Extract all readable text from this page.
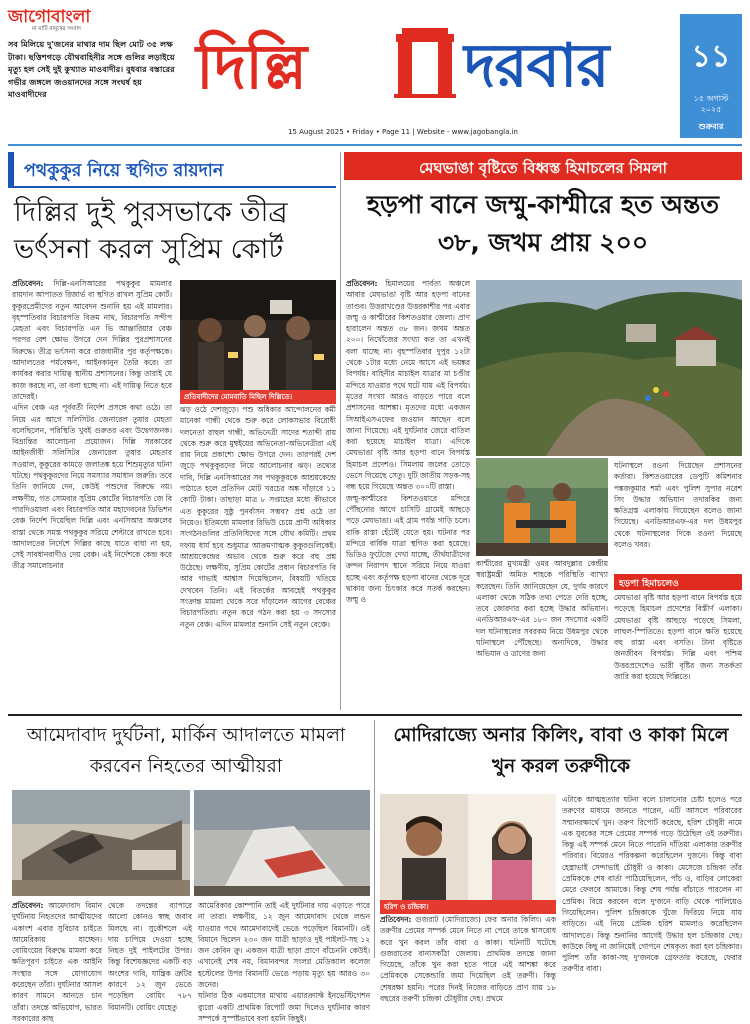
জাগোবাংলা
মা মাটি মানুষের সংবাদ
সব মিলিয়ে দু'জনের মাথার দাম ছিল মোট ৩৫ লক্ষ টাকা। ছত্তিশগড়ে যৌথবাহিনীর সঙ্গে গুলির লড়াইয়ে মৃত্যু হল সেই দুই কুখ্যাত মাওবাদীর। বুধবার বস্তারের গভীর জঙ্গলে জওয়ানদের সঙ্গে সংঘর্ষ হয় মাওবাদীদের	দিল্লি	দরবার
15 August 2025 • Friday • Page 11 | Website - www.jagobangla.in
১১
১৫ অগাস্ট ২০২৫
শুক্রবার
পথকুকুর নিয়ে স্থগিত রায়দান
দিল্লির দুই পুরসভাকে তীব্র ভর্ৎসনা করল সুপ্রিম কোর্ট
প্রতিবেদন: দিল্লি-এনসিআরের পথকুকুর মামলার রায়দান আপাতত রিজার্ভ বা স্থগিত রাখল সুপ্রিম কোর্ট। কুকুরপ্রেমীদের নতুন আবেদন শুনানি হয় এই মামলার। বৃহস্পতিবার বিচারপতি বিক্রম নাথ, বিচারপতি সন্দীপ মেহতা এবং বিচারপতি এন ভি আঞ্জারিয়ার বেঞ্চ পরপর বেশ ক্ষোভ উগরে দেন দিল্লির পুরপ্রশাসনের বিরুদ্ধে। তীব্র ভর্ৎসনা করে রাজধানীর পুর কর্তৃপক্ষকে। আদালতের পর্যবেক্ষণ, আইনকানুন তৈরি করে। তা কার্যকর করার দায়িত্ব স্থানীয় প্রশাসনের। কিন্তু তারাই যে কাজ করছে না, তা বলা হচ্ছে না। এই দায়িত্ব নিতে হবে তাদেরই।
এদিন বেঞ্চ এর পূর্ববর্তী নির্দেশ প্রসঙ্গে কথা ওঠে। তা নিয়ে এর আগে সলিসিটর জেনারেল তুষার মেহতা বলেছিলেন, পরিস্থিতি খুবই গুরুতর এবং উদ্বেগজনক। বিভ্রান্তির আলোচনা প্রয়োজন। দিল্লি সরকারের আইনজীবী সলিসিটর জেনারেল তুষার মেহতার সওয়াল, কুকুরের কামড়ে জলাতঙ্ক হয়ে শিশুমৃত্যুর ঘটনা ঘটছে। পথকুকুরদের নিয়ে সমস্যার সমাধান জরুরি। তবে তিনি জানিয়ে দেন, কেউই পশুদের বিরুদ্ধে নয়। লক্ষণীয়, গত সোমবার সুপ্রিম কোর্টের বিচারপতি জে বি পারদিওয়ালা এবং বিচারপতি আর মহাদেবনের ডিভিশন বেঞ্চ নির্দেশ দিয়েছিল দিল্লি এবং এনসিআর অঞ্চলের রাস্তা থেকে সমস্ত পথকুকুর সরিয়ে শেল্টারে রাখতে হবে। আদালতের নির্দেশে দিল্লির কাছে যাতে বাধা না হয়, সেই সাবধানবাণীও দেয় বেঞ্চ। এই নির্দেশকে কেন্দ্র করে তীব্র সমালোচনার
প্রতিবাদীদের মোমবাতি মিছিল দিল্লিতে।
ঝড় ওঠে দেশজুড়ে। পশু অধিকার আন্দোলনের কর্মী মানেকা গান্ধী থেকে শুরু করে লোকসভার বিরোধী দলনেতা রাহুল গান্ধী, অভিনেত্রী সাদের শতাব্দী রায় থেকে শুরু করে মুম্বইয়ের অভিনেতা-অভিনেত্রীরা এই রায় নিয়ে প্রকাশ্যে ক্ষোভ উগরে দেন। তারপরই দেশ জুড়ে পথকুকুরদের নিয়ে আলোচনার ঝড়। তথ্যের দাবি, দিল্লি এনসিআরের সব পথকুকুরকে আশ্রয়কেন্দ্রে পাঠাতে হলে প্রতিদিন মোট খরচের অঙ্ক দাঁড়াবে ১১ কোটি টাকা। তাছাড়া মাত্র ৮ সপ্তাহের মধ্যে কীভাবে এত কুকুরের সুষ্ঠু পুনর্বাসন সম্ভব? প্রশ্ন ওঠে তা নিয়েও। ইতিমধ্যে মামলার রিভিউ চেয়ে প্রাণী অধিকার সংগঠনগুলির প্রতিনিধিদের সঙ্গে যৌথ কমিটি। প্রথম দফায় ধার্য হবে শুধুমাত্র আক্রমণাত্মক কুকুরগুলিকেই। আশ্রয়কেন্দ্রের অভাব থেকে শুরু করে বহু প্রশ্ন উঠেছে। লক্ষণীয়, সুপ্রিম কোর্টের প্রধান বিচারপতি বি আর গাভাই আশ্বাস দিয়েছিলেন, বিষয়টি খতিয়ে দেখবেন তিনি। এই বিতর্কের আবহেই পথকুকুর সংক্রান্ত মামলা থেকে সরে দাঁড়ালেন আগের বেঞ্চের বিচারপতিরা। নতুন করে গঠন করা হয় ৩ সদস্যের নতুন বেঞ্চ। এদিন মামলার শুনানি সেই নতুন বেঞ্চে।
মেঘভাঙা বৃষ্টিতে বিধ্বস্ত হিমাচলের সিমলা
হড়পা বানে জম্মু-কাশ্মীরে হত অন্তত ৩৮, জখম প্রায় ২০০
প্রতিবেদন: হিমালয়ের পার্বত্য অঞ্চলে আবার মেঘভাঙা বৃষ্টি আর হড়পা বানের তাণ্ডব। উত্তরাখণ্ডের উত্তরকাশীর পর এবার জম্মু ও কাশ্মীরের কিশতওয়ার জেলা। প্রাণ হারালেন অন্তত ৩৮ জন। জখম অন্তত ২০০। নিখোঁজের সংখ্যা কত তা এখনই বলা যাচ্ছে না। বৃহস্পতিবার দুপুর ১২টা থেকে ১টার মধ্যে নেমে আসে এই ভয়ঙ্কর বিপর্যয়। বাহিনীর মাচাইল যাত্রার মা চণ্ডীর মন্দিরে যাওয়ার পথে ঘটে যায় এই বিপর্যয়। মৃতের সংখ্যা আরও বাড়তে পারে বলে প্রশাসনের আশঙ্কা। মৃতদের মধ্যে একজন সিআইএসএফের জওয়ান আছেন বলে জানা গিয়েছে। এই দুর্ঘটনার জেরে বাতিল করা হয়েছে মাচাইল যাত্রা। এদিকে মেঘভাঙা বৃষ্টি আর হড়পা বানে বিপর্যস্ত হিমাচল প্রদেশও। সিমলায় জলের তোড়ে ভেসে গিয়েছে সেতু। দুটি জাতীয় সড়ক-সহ বন্ধ হয়ে গিয়েছে অন্তত ৩০০টি রাস্তা।
জম্মু-কাশ্মীরের কিশতওয়ারে মন্দিরে পৌঁছনোর আগে চাসিটি গ্রামেই আছড়ে পড়ে মেঘভাঙা। এই গ্রাম পর্যন্ত গাড়ি চলে। বাকি রাস্তা হেঁটেই যেতে হয়। ঘটনার পর মন্দিরে বার্ষিক যাত্রা স্থগিত করা হয়েছে। ভিডিও ফুটেজে দেখা যাচ্ছে, তীর্থযাত্রীদের ক্রন্দন নিরাপদ স্থানে সরিয়ে নিয়ে যাওয়া হচ্ছে এবং কর্তৃপক্ষ হড়পা বানের থেকে দূরে থাকার জন্য চিৎকার করে সতর্ক করছেন। জম্মু ও
কাশ্মীরের মুখ্যমন্ত্রী ওমর আবদুল্লার কেন্দ্রীয় স্বরাষ্ট্রমন্ত্রী অমিত শাহকে পরিস্থিতি ব্যাখ্যা করেছেন। তিনি জানিয়েছেন যে, দুর্গম কারণে এলাকা থেকে সঠিক তথ্য পেতে দেরি হচ্ছে, তবে জোরদার করা হচ্ছে উদ্ধার অভিযান। এনডিআরএফ-এর ১৮০ জন সদস্যের একটি দল ঘটনাস্থলের সবরকম নিয়ে উধমপুর থেকে ঘটনাস্থলে পৌঁছেছে। অন্যদিকে, উদ্ধার অভিযান ও ত্রাণের জন্য
ঘটনাস্থলে রওনা দিয়েছেন প্রশাসনের কর্তারা। কিশতওয়ারের ডেপুটি কমিশনার পঙ্কজকুমার শর্মা এবং পুলিশ সুপার নরেশ সিং উদ্ধার অভিযান তদারকির জন্য ক্ষতিগ্রস্ত এলাকায় গিয়েছেন বলেও জানা গিয়েছে। এনডিআরএফ-এর দল উধমপুর থেকে ঘটনাস্থলের দিকে রওনা দিয়েছে বলেও খবর।
হড়পা হিমাচলেও
মেঘভাঙা বৃষ্টি আর হড়পা বানে বিপর্যস্ত হয়ে পড়েছে হিমাচল প্রদেশের বিস্তীর্ণ এলাকা। মেঘভাঙা বৃষ্টি আছড়ে পড়েছে সিমলা, লাহুল-স্পিতিতে। হড়পা বানে ক্ষতি হয়েছে বহু রাস্তা এবং বসতি। টানা বৃষ্টিতে জনজীবন বিপর্যস্ত। দিল্লি এবং পশ্চিম উত্তরপ্রদেশেও ভারী বৃষ্টির জন্য সতর্কতা জারি করা হয়েছে দিল্লিতে।
আমেদাবাদ দুর্ঘটনা, মার্কিন আদালতে মামলা করবেন নিহতের আত্মীয়রা
প্রতিবেদন: আমেদাবাদ বিমান দুর্ঘটনায় নিহতদের আত্মীয়দের একাংশ এবার সুবিচার চাইতে আমেরিকায় যাচ্ছেন। বোয়িংয়ের বিরুদ্ধে মামলা করে ক্ষতিপূরণ চাইতে এক আইনি সংস্থার সঙ্গে যোগাযোগ করেছেন তাঁরা। দুর্ঘটনার আসল কারণ সামনে আনতে চান তাঁরা। তদন্তে অভিযোগ, ভারত সরকারের কাছ
থেকে তদন্তের ব্যাপারে আলো কোনও স্বচ্ছ জবাব মিলছে না। সুকৌশলে এই দায় চাপিয়ে দেওয়া হচ্ছে নিহত দুই পাইলটের উপর। কিন্তু বিশেষজ্ঞদের একটি বড় অংশের দাবি, যান্ত্রিক ত্রুটির কারণে ১২ জুন ভেঙে পড়েছিল বোয়িং ৭৮৭ বিমানটি। বোয়িং যেহেতু
আমেরিকার কোম্পানি তাই এই দুর্ঘটনার দায় এড়াতে পারে না তারা। লক্ষণীয়, ১২ জুন আমেদাবাদ থেকে লন্ডন যাওয়ার পথে আমেদাবাদেই ভেঙে পড়েছিল বিমানটি। ওই বিমানে ছিলেন ২৩০ জন যাত্রী ছাড়াও দুই পাইলট-সহ ১২ জন কেবিন ক্রু। একজন যাত্রী ছাড়া প্রাণে বাঁচেননি কেউই। এখানেই শেষ নয়, বিমানবন্দর সংলগ্ন মেডিক্যাল কলেজ হস্টেলের উপর বিমানটি ভেঙে পড়ায় মৃত্যু হয় আরও ৩০ জনের।
ঘটনার ঠিক একমাসের মাথায় এয়ারক্র্যাফ্ট ইনভেস্টিগেশন ব্যুরো একটি প্রাথমিক রিপোর্ট জমা দিলেও দুর্ঘটনার কারণ সম্পর্কে সুস্পষ্টভাবে বলা হয়নি কিছুই।
মোদিরাজ্যে অনার কিলিং, বাবা ও কাকা মিলে খুন করল তরুণীকে
হরিশ ও চন্দ্রিকা।
প্রতিবেদন: গুজরাট (মোদিরাজ্যে) ফের অনার কিলিং। এক তরুণীর প্রেমের সম্পর্ক মেনে নিতে না পেরে তাকে শ্বাসরোধ করে খুন করল তাঁর বাবা ও কাকা। ঘটনাটি ঘটেছে গুজরাতের বানাসকাঁঠা জেলায়। প্রাথমিক তদন্তে জানা গিয়েছে, তাঁকে খুন করা হতে পারে এই আশঙ্কা করে প্রেমিককে সেকেন্ডারি জমা দিয়েছিল ওই তরুণী। কিন্তু শেষরক্ষা হয়নি। পরের দিনই নিজের বাড়িতে প্রাণ যায় ১৮ বছরের তরুণী চন্দ্রিকা চৌধুরীর দেহ। প্রথমে
এটাকে আত্মহত্যার ঘটনা বলে চালানোর চেষ্টা হলেও পরে তরুণের মাধ্যমে জানতে পারেন, এটি আসলে পরিবারের সম্মানরক্ষার্থে খুন। তরুণ রিপোর্ট করেছে, হরিশ চৌধুরী নামে এক যুবকের সঙ্গে প্রেমের সম্পর্ক গড়ে উঠেছিল ওই তরুণীর। কিন্তু এই সম্পর্ক মেনে নিতে পারেনি দাঁতিয়া এলাকার তরুণীর পরিবার। বিয়েরও পরিকল্পনা করেছিলেন দুজনে। কিন্তু বাবা হেস্ত্রাভাই সেন্দাভাই চৌধুরী ও কাকা। মেসেজে চন্দ্রিকা তাঁর প্রেমিককে শেষ বার্তা পাঠিয়েছিলেন, পাঁচ ও, বাড়ির লোকেরা মেরে ফেলবে আমাকে। কিন্তু শেষ পর্যন্ত বাঁচাতে পারলেন না প্রেমিক। বিয়ে করবেন বলে দু'জনে বাড়ি থেকে পালিয়েও গিয়েছিলেন। পুলিশ চন্দ্রিকাকে খুঁজে ফিরিয়ে নিয়ে যায় বাড়িতে। এই নিয়ে প্রেমিক হরিশ মামলাও করেছিলেন আদালতে। কিন্তু শুনানির আগেই উদ্ধার হল চন্দ্রিকার দেহ। কাউকে কিছু না জানিয়েই গোপনে শেষকৃত্য করা হল চন্দ্রিকার। পুলিশ তাঁর কাকা-সহ দু'জনকে গ্রেফতার করেছে, ফেরার তরুণীর বাবা।
